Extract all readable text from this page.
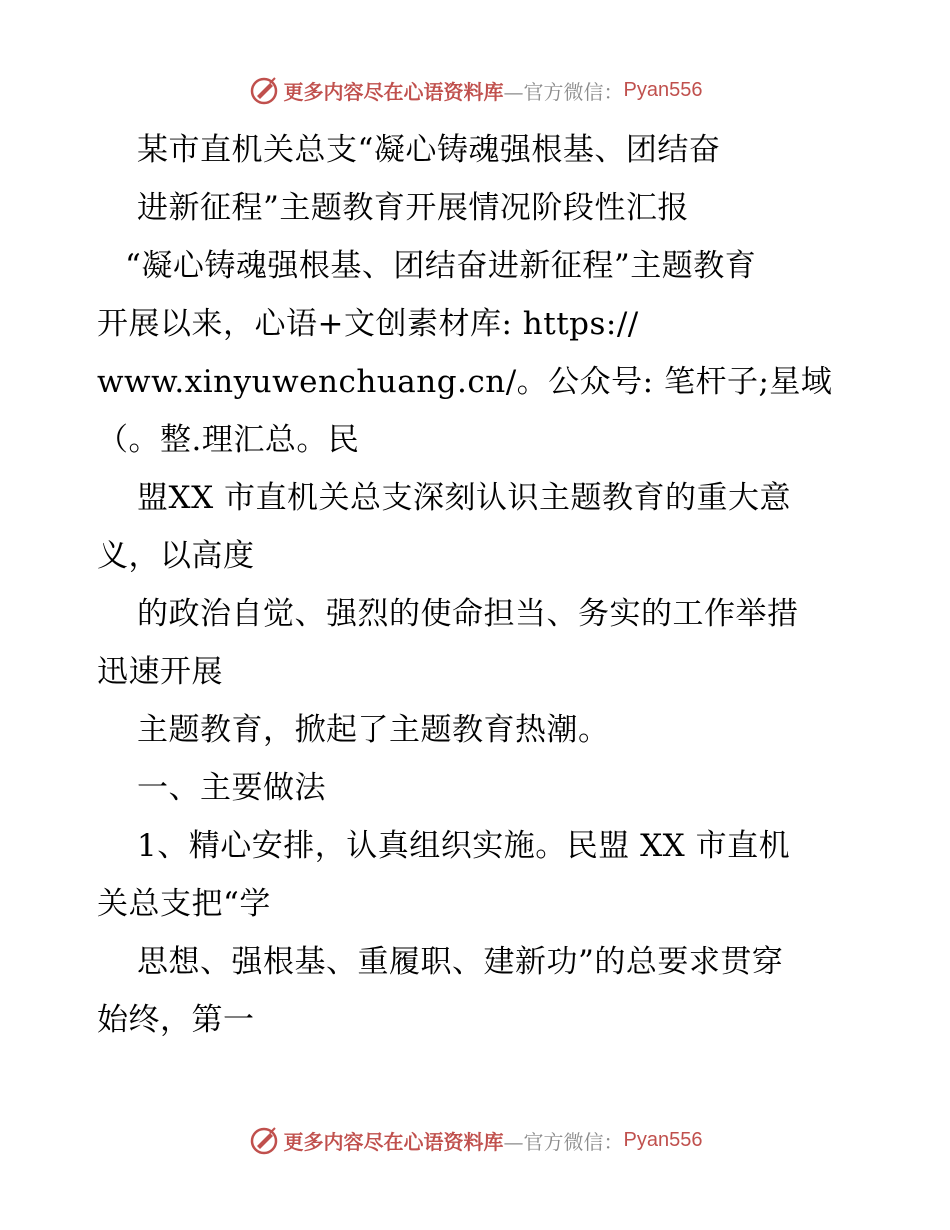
更多内容尽在心语资料库 —官方微信： Pyan556
某市直机关总支“凝心铸魂强根基、团结奋
进新征程”主题教育开展情况阶段性汇报
“凝心铸魂强根基、团结奋进新征程”主题教育
开展以来，心语+文创素材库: https://
www.xinyuwenchuang.cn/。公众号: 笔杆子;星域
（。整.理汇总。民
盟XX 市直机关总支深刻认识主题教育的重大意
义，以高度
的政治自觉、强烈的使命担当、务实的工作举措
迅速开展
主题教育，掀起了主题教育热潮。
一、主要做法
1、精心安排，认真组织实施。民盟 XX 市直机
关总支把“学
思想、强根基、重履职、建新功”的总要求贯穿
始终，第一
更多内容尽在心语资料库 —官方微信： Pyan556
